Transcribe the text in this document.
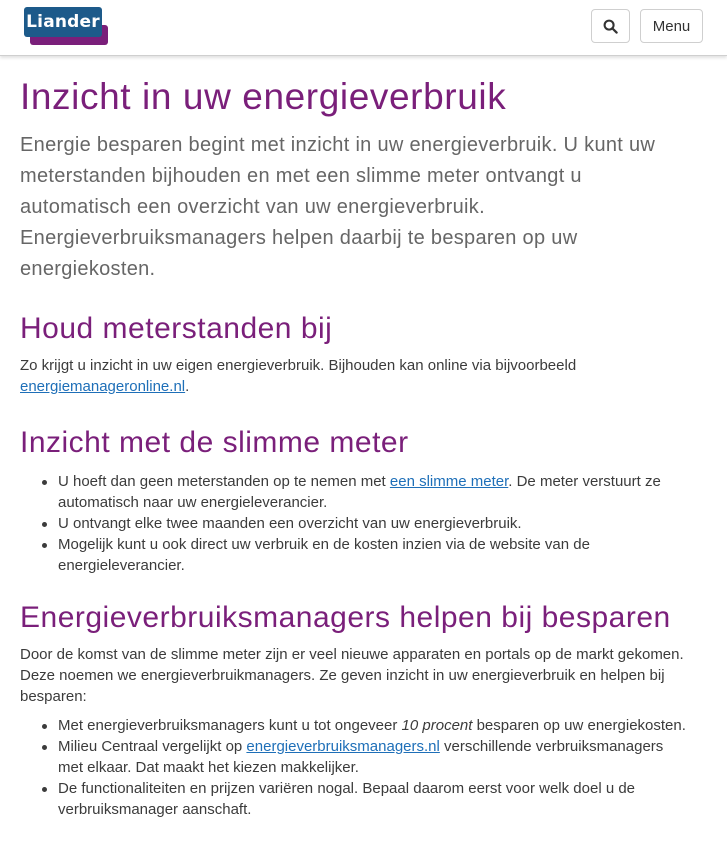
Liander	Menu
Inzicht in uw energieverbruik

Energie besparen begint met inzicht in uw energieverbruik. U kunt uw meterstanden bijhouden en met een slimme meter ontvangt u automatisch een overzicht van uw energieverbruik. Energieverbruiksmanagers helpen daarbij te besparen op uw energiekosten.

Houd meterstanden bij

Zo krijgt u inzicht in uw eigen energieverbruik. Bijhouden kan online via bijvoorbeeld energiemanageronline.nl.

Inzicht met de slimme meter
U hoeft dan geen meterstanden op te nemen met een slimme meter. De meter verstuurt ze automatisch naar uw energieleverancier.
U ontvangt elke twee maanden een overzicht van uw energieverbruik.
Mogelijk kunt u ook direct uw verbruik en de kosten inzien via de website van de energieleverancier.
Energieverbruiksmanagers helpen bij besparen

Door de komst van de slimme meter zijn er veel nieuwe apparaten en portals op de markt gekomen. Deze noemen we energieverbruikmanagers. Ze geven inzicht in uw energieverbruik en helpen bij besparen:

Met energieverbruiksmanagers kunt u tot ongeveer 10 procent besparen op uw energiekosten.
Milieu Centraal vergelijkt op energieverbruiksmanagers.nl verschillende verbruiksmanagers met elkaar. Dat maakt het kiezen makkelijker.
De functionaliteiten en prijzen variëren nogal. Bepaal daarom eerst voor welk doel u de verbruiksmanager aanschaft.
